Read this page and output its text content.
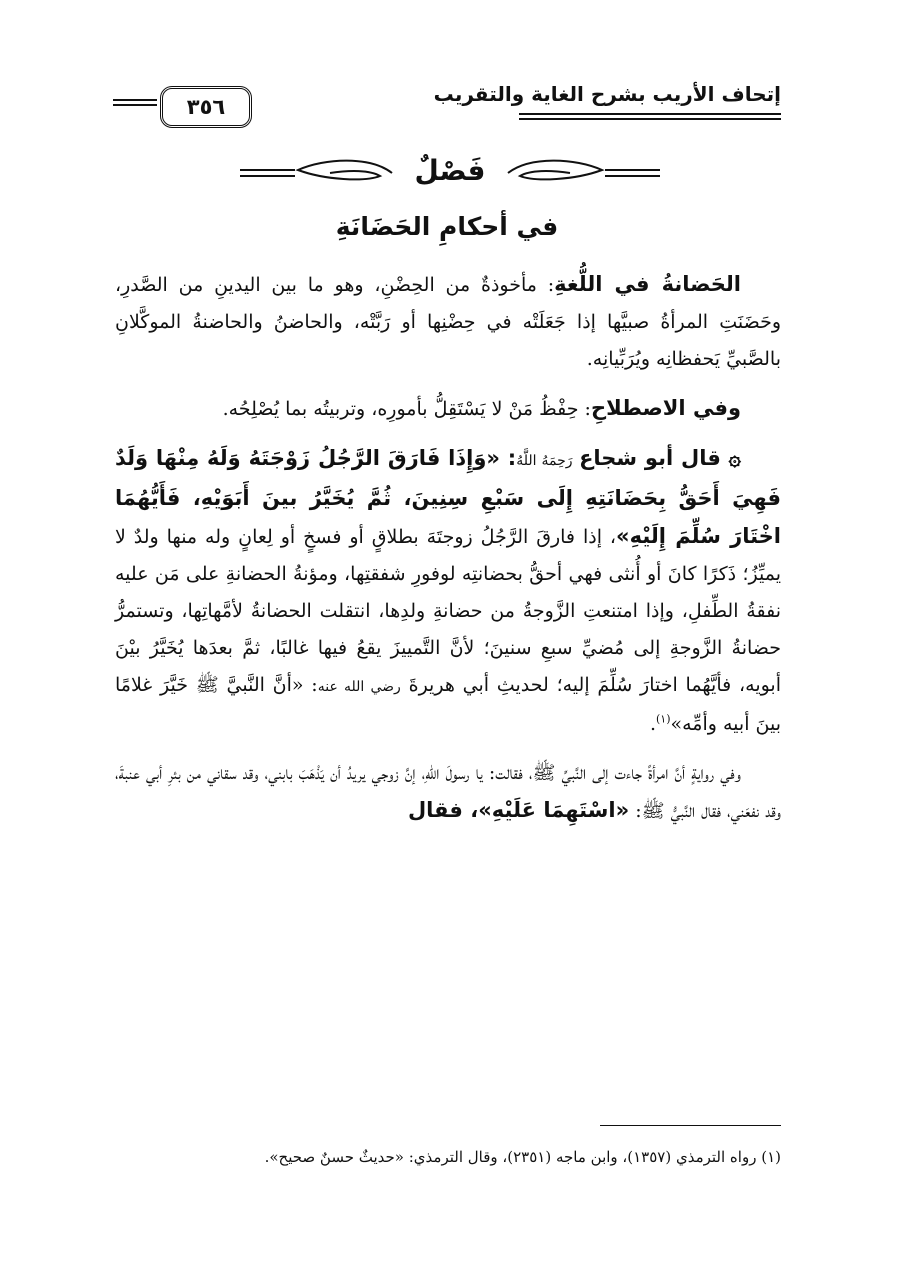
إتحاف الأريب بشرح الغاية والتقريب
٣٥٦
فَصْلٌ
في أحكامِ الحَضَانَةِ

الحَضانةُ في اللُّغةِ: مأخوذةٌ من الحِضْنِ، وهو ما بين اليدينِ من الصَّدرِ، وحَضَنَتِ المرأةُ صبيَّها إذا جَعَلَتْه في حِضْنِها أو رَبَّتْه، والحاضنُ والحاضنةُ الموكَّلانِ بالصَّبيِّ يَحفظانِه ويُرَبِّيانِه.

وفي الاصطلاحِ: حِفْظُ مَنْ لا يَسْتَقِلُّ بأمورِه، وتربيتُه بما يُصْلِحُه.

۞ قال أبو شجاع رَحِمَهُ اللَّهُ: «وَإِذَا فَارَقَ الرَّجُلُ زَوْجَتَهُ وَلَهُ مِنْهَا وَلَدٌ فَهِيَ أَحَقُّ بِحَضَانَتِهِ إِلَى سَبْعِ سِنِينَ، ثُمَّ يُخَيَّرُ بينَ أَبَوَيْهِ، فَأَيُّهُمَا اخْتَارَ سُلِّمَ إِلَيْهِ»، إذا فارقَ الرَّجُلُ زوجتَهَ بطلاقٍ أو فسخٍ أو لِعانٍ وله منها ولدٌ لا يميِّزُ؛ ذَكرًا كانَ أو أُنثى فهي أحقُّ بحضانتِه لوفورِ شفقتِها، ومؤنةُ الحضانةِ على مَن عليه نفقةُ الطِّفلِ، وإذا امتنعتِ الزَّوجةُ من حضانةِ ولدِها، انتقلت الحضانةُ لأمَّهاتِها، وتستمرُّ حضانةُ الزَّوجةِ إلى مُضيِّ سبعِ سنينَ؛ لأنَّ التَّمييزَ يقعُ فيها غالبًا، ثمَّ بعدَها يُخَيَّرُ بيْنَ أبويه، فأيَّهُما اختارَ سُلِّمَ إليه؛ لحديثِ أبي هريرةَ رضي الله عنه: «أنَّ النَّبيَّ ﷺ خَيَّرَ غلامًا بينَ أبيه وأمِّه»$^{(١)}$.

وفي روايةٍ أنَّ امرأةً جاءت إلى النَّبيِّ ﷺ، فقالت: يا رسولَ اللهِ، إنَّ زوجي يريدُ أن يَذْهَبَ بابني، وقد سقاني من بئرِ أبي عنبةَ، وقد نفعَني، فقال النَّبيُّ ﷺ: «اسْتَهِمَا عَلَيْهِ»، فقال

(١) رواه الترمذي (١٣٥٧)، وابن ماجه (٢٣٥١)، وقال الترمذي: «حديثٌ حسنٌ صحيح».
